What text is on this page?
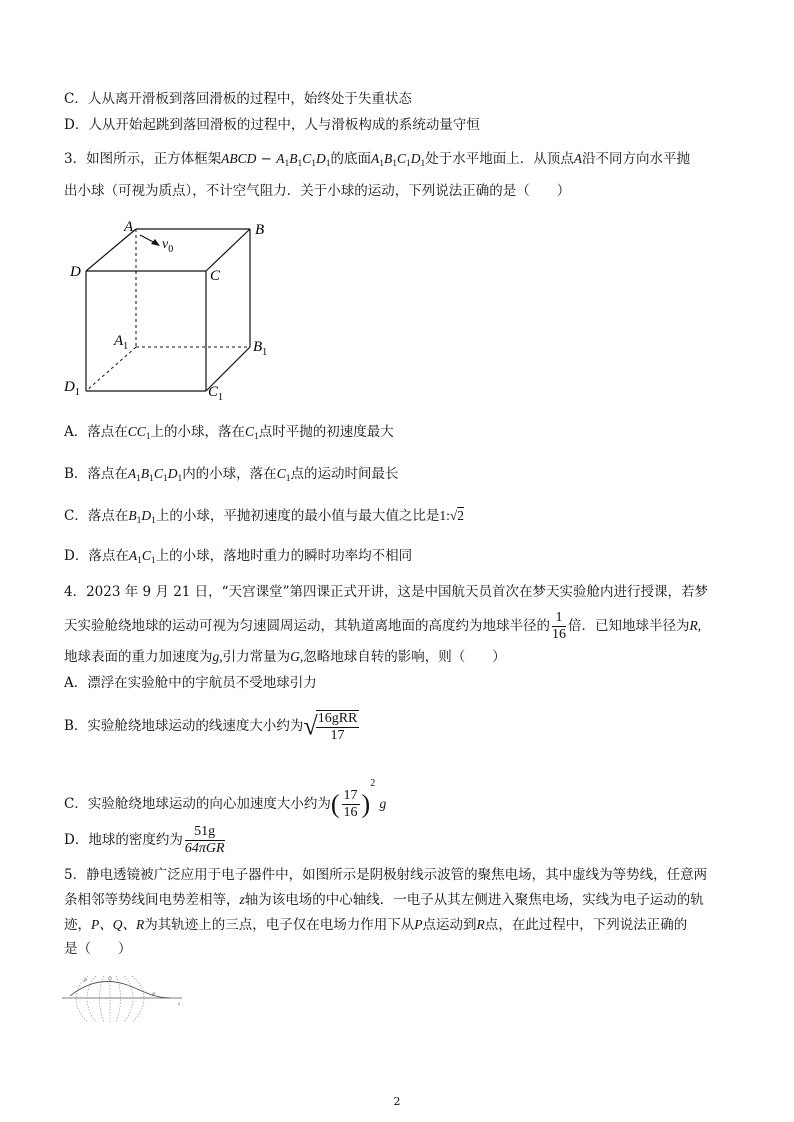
C．人从离开滑板到落回滑板的过程中，始终处于失重状态
D．人从开始起跳到落回滑板的过程中，人与滑板构成的系统动量守恒
3．如图所示，正方体框架ABCD − $A_1B_1C_1D_1$的底面$A_1B_1C_1D_1$处于水平地面上．从顶点A沿不同方向水平抛
出小球（可视为质点），不计空气阻力．关于小球的运动，下列说法正确的是（　　）
A	B
C
D
$A_1$	$B_1$
$C_1$
$D_1$
$v_0$
A．落点在$CC_1$上的小球，落在$C_1$点时平抛的初速度最大
B．落点在$A_1B_1C_1D_1$内的小球，落在$C_1$点的运动时间最长
C．落点在$B_1D_1$上的小球，平抛初速度的最小值与最大值之比是1:√2
D．落点在$A_1C_1$上的小球，落地时重力的瞬时功率均不相同
4．2023 年 9 月 21 日，“天宫课堂”第四课正式开讲，这是中国航天员首次在梦天实验舱内进行授课，若梦
天实验舱绕地球的运动可视为匀速圆周运动，其轨道离地面的高度约为地球半径的 $\frac{1}{16}$ 倍．已知地球半径为R,
地球表面的重力加速度为g,引力常量为G,忽略地球自转的影响，则（　　）
A．漂浮在实验舱中的宇航员不受地球引力
B．实验舱绕地球运动的线速度大小约为√
$\frac{\text{16gRR}}{17}$
C．实验舱绕地球运动的向心加速度大小约为( $\frac{17}{16} )^2$ g
D．地球的密度约为 $\frac{51g}{\text{64πGR}}$
5．静电透镜被广泛应用于电子器件中，如图所示是阴极射线示波管的聚焦电场，其中虚线为等势线，任意两
条相邻等势线间电势差相等，z轴为该电场的中心轴线．一电子从其左侧进入聚焦电场，实线为电子运动的轨
迹，P、Q、R为其轨迹上的三点，电子仅在电场力作用下从P点运动到R点，在此过程中，下列说法正确的
是（　　）
P	Q
R
z
2
